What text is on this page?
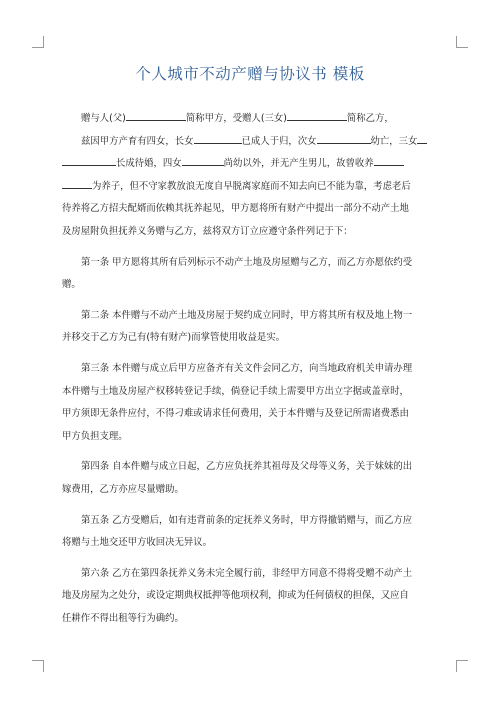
个人城市不动产赠与协议书 模板
赠与人(父)	简称甲方，受赠人(三女)	简称乙方，
兹因甲方产育有四女，长女	已成人于归，次女	幼亡，三女
长成待婚，四女	尚幼以外，并无产生男儿，故曾收养
为养子，但不守家教放浪无度自早脱离家庭而不知去向已不能为靠，考虑老后
待养将乙方招夫配婿而依赖其抚养起见，甲方愿将所有财产中提出一部分不动产土地
及房屋附负担抚养义务赠与乙方，兹将双方订立应遵守条件列记于下：
第一条 甲方愿将其所有后列标示不动产土地及房屋赠与乙方，而乙方亦愿依约受
赠。
第二条 本件赠与不动产土地及房屋于契约成立同时，甲方将其所有权及地上物一
并移交于乙方为己有(特有财产)而掌管使用收益是实。
第三条 本件赠与成立后甲方应备齐有关文件会同乙方，向当地政府机关申请办理
本件赠与土地及房屋产权移转登记手续，倘登记手续上需要甲方出立字据或盖章时，
甲方须即无条件应付，不得刁难或请求任何费用，关于本件赠与及登记所需诸费悉由
甲方负担支理。
第四条 自本件赠与成立日起，乙方应负抚养其祖母及父母等义务，关于妹妹的出
嫁费用，乙方亦应尽量赠助。
第五条 乙方受赠后，如有违背前条的定抚养义务时，甲方得撤销赠与，而乙方应
将赠与土地交还甲方收回决无异议。
第六条 乙方在第四条抚养义务未完全履行前，非经甲方同意不得将受赠不动产土
地及房屋为之处分，或设定期典权抵押等他项权利，抑或为任何债权的担保，又应自
任耕作不得出租等行为确约。
